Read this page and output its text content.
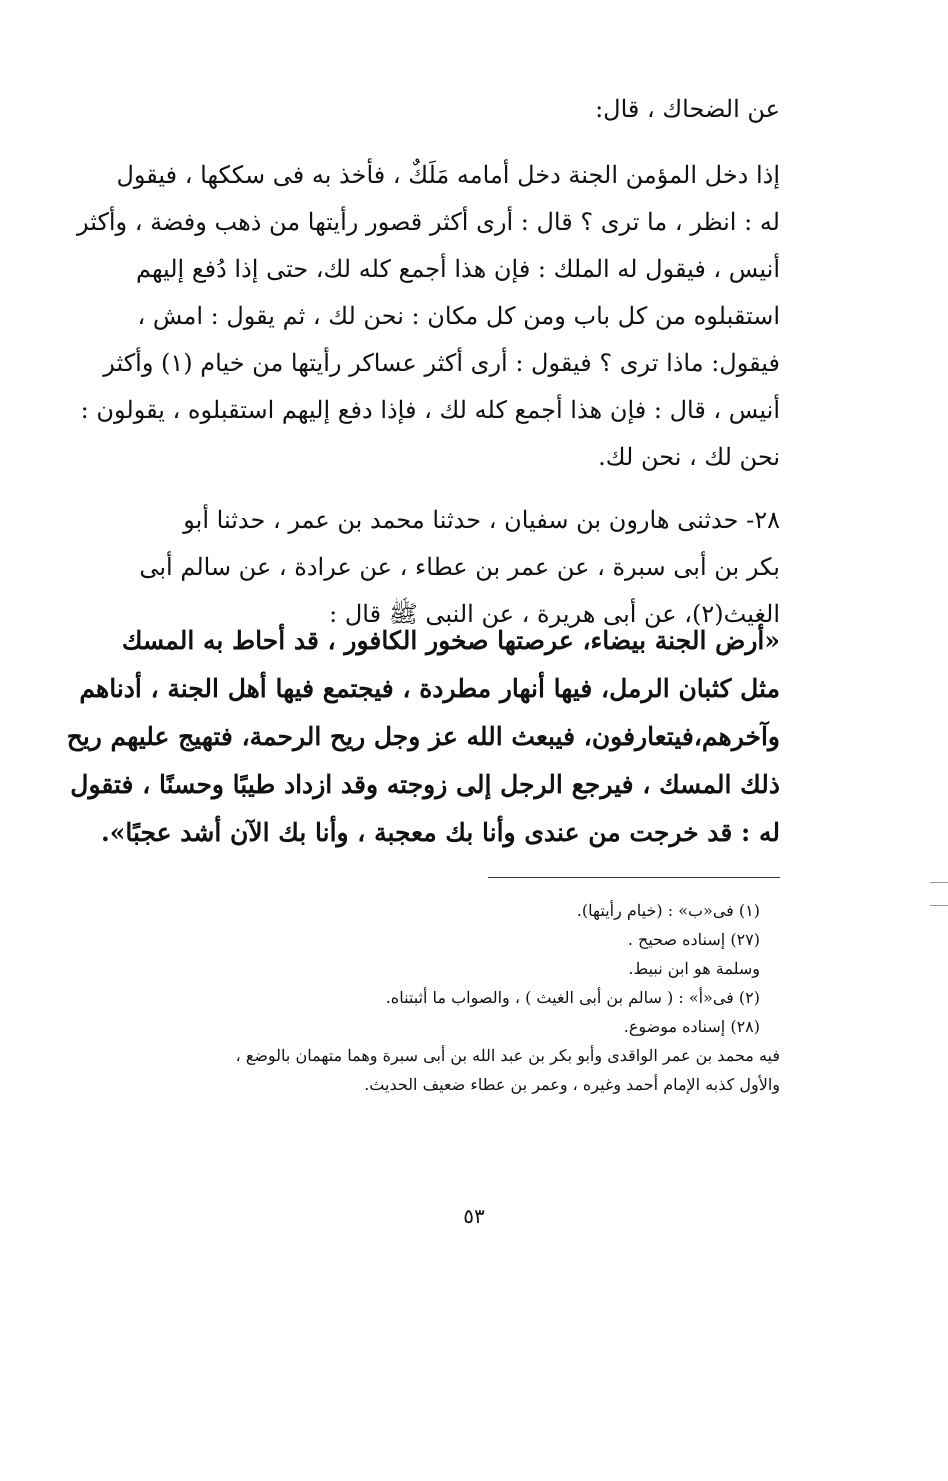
عن الضحاك ، قال:
إذا دخل المؤمن الجنة دخل أمامه مَلَكٌ ، فأخذ به فى سككها ، فيقول
له : انظر ، ما ترى ؟ قال : أرى أكثر قصور رأيتها من ذهب وفضة ، وأكثر
أنيس ، فيقول له الملك : فإن هذا أجمع كله لك، حتى إذا دُفع إليهم
استقبلوه من كل باب ومن كل مكان : نحن لك ، ثم يقول : امش ،
فيقول: ماذا ترى ؟ فيقول : أرى أكثر عساكر رأيتها من خيام (١) وأكثر
أنيس ، قال : فإن هذا أجمع كله لك ، فإذا دفع إليهم استقبلوه ، يقولون :
نحن لك ، نحن لك.
٢٨- حدثنى هارون بن سفيان ، حدثنا محمد بن عمر ، حدثنا أبو
بكر بن أبى سبرة ، عن عمر بن عطاء ، عن عرادة ، عن سالم أبى
الغيث(٢)، عن أبى هريرة ، عن النبى ﷺ قال :
«أرض الجنة بيضاء، عرصتها صخور الكافور ، قد أحاط به المسك
مثل كثبان الرمل، فيها أنهار مطردة ، فيجتمع فيها أهل الجنة ، أدناهم
وآخرهم،فيتعارفون، فيبعث الله عز وجل ريح الرحمة، فتهيج عليهم ريح
ذلك المسك ، فيرجع الرجل إلى زوجته وقد ازداد طيبًا وحسنًا ، فتقول
له : قد خرجت من عندى وأنا بك معجبة ، وأنا بك الآن أشد عجبًا».
(١) فى«ب» : (خيام رأيتها).
(٢٧) إسناده صحيح .
وسلمة هو ابن نبيط.
(٢) فى«أ» : ( سالم بن أبى الغيث ) ، والصواب ما أثبتناه.
(٢٨) إسناده موضوع.
فيه محمد بن عمر الواقدى وأبو بكر بن عبد الله بن أبى سبرة وهما متهمان بالوضع ،
والأول كذبه الإمام أحمد وغيره ، وعمر بن عطاء ضعيف الحديث.
٥٣
